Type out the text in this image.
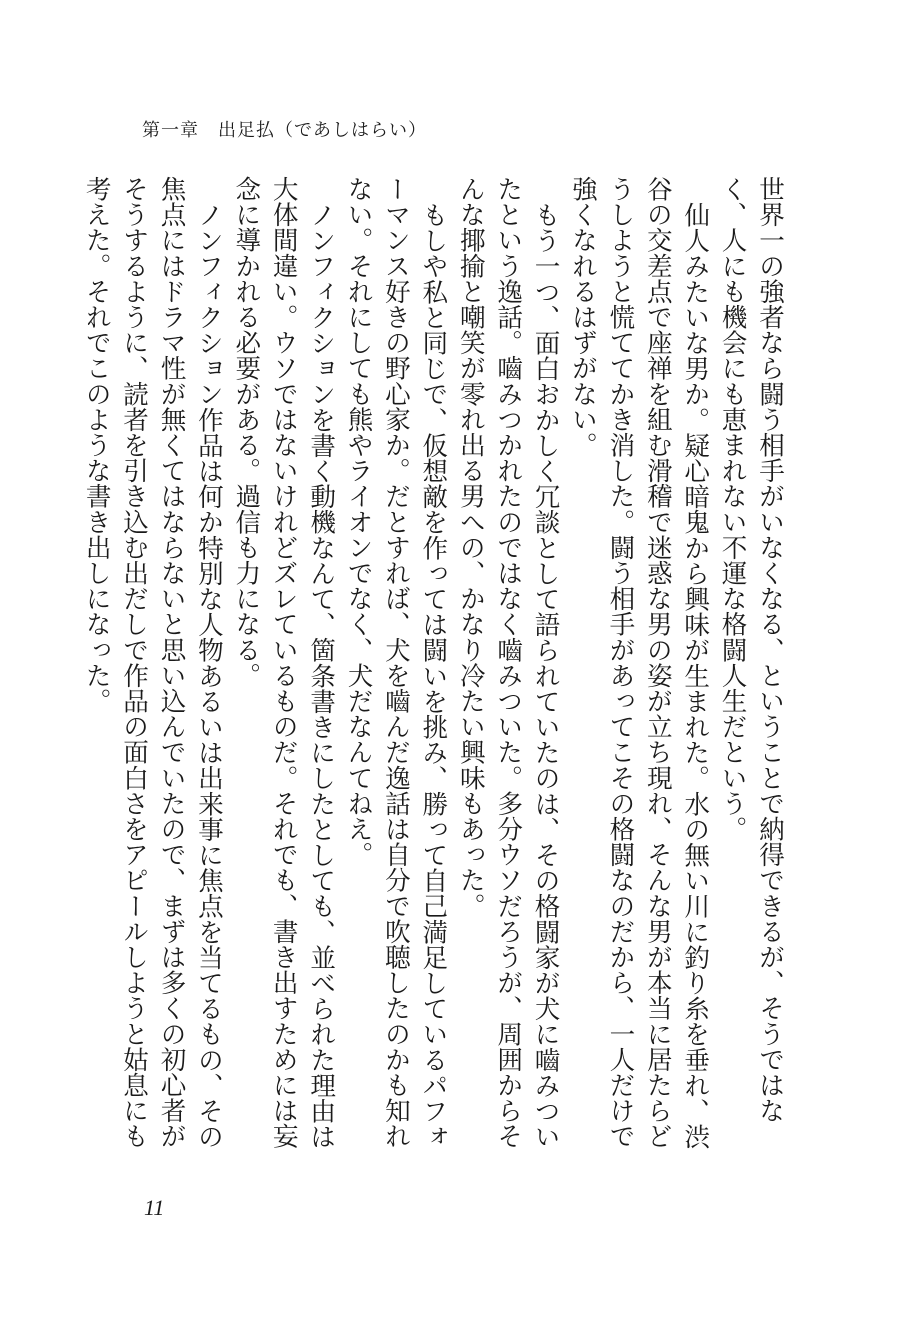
第一章　出足払（であしはらい）

世界一の強者なら闘う相手がいなくなる、ということで納得できるが、そうではなく、人にも機会にも恵まれない不運な格闘人生だという。

仙人みたいな男か。疑心暗鬼から興味が生まれた。水の無い川に釣り糸を垂れ、渋谷の交差点で座禅を組む滑稽で迷惑な男の姿が立ち現れ、そんな男が本当に居たらどうしようと慌ててかき消した。闘う相手があってこその格闘なのだから、一人だけで強くなれるはずがない。

もう一つ、面白おかしく冗談として語られていたのは、その格闘家が犬に嚙みついたという逸話。嚙みつかれたのではなく嚙みついた。多分ウソだろうが、周囲からそんな揶揄と嘲笑が零れ出る男への、かなり冷たい興味もあった。

もしや私と同じで、仮想敵を作っては闘いを挑み、勝って自己満足しているパフォーマンス好きの野心家か。だとすれば、犬を嚙んだ逸話は自分で吹聴したのかも知れない。それにしても熊やライオンでなく、犬だなんてねえ。

ノンフィクションを書く動機なんて、箇条書きにしたとしても、並べられた理由は大体間違い。ウソではないけれどズレているものだ。それでも、書き出すためには妄念に導かれる必要がある。過信も力になる。

ノンフィクション作品は何か特別な人物あるいは出来事に焦点を当てるもの、その焦点にはドラマ性が無くてはならないと思い込んでいたので、まずは多くの初心者がそうするように、読者を引き込む出だしで作品の面白さをアピールしようと姑息にも考えた。それでこのような書き出しになった。

11
